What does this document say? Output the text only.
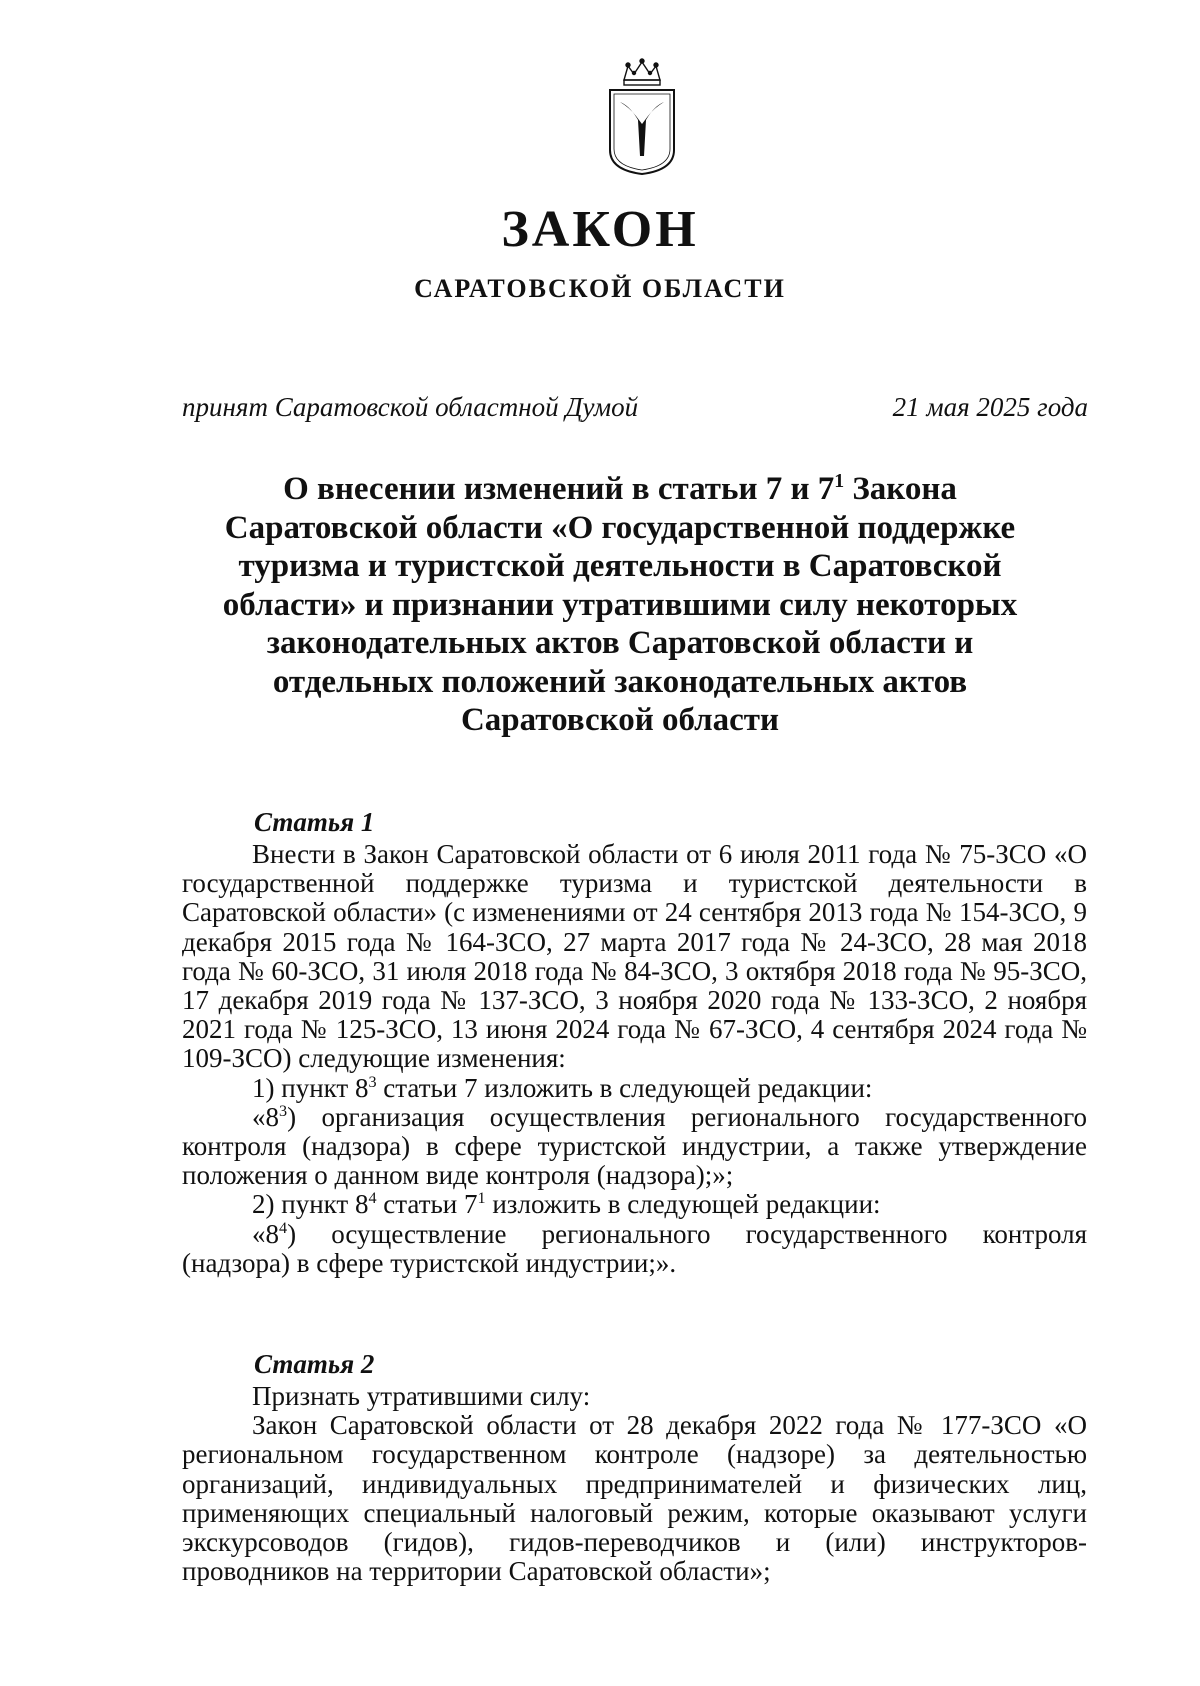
ЗАКОН
САРАТОВСКОЙ ОБЛАСТИ
принят Саратовской областной Думой	21 мая 2025 года
О внесении изменений в статьи 7 и $7^1$ Закона
Саратовской области «О государственной поддержке
туризма и туристской деятельности в Саратовской
области» и признании утратившими силу некоторых
законодательных актов Саратовской области и
отдельных положений законодательных актов
Саратовской области
Статья 1

Внести в Закон Саратовской области от 6 июля 2011 года № 75-ЗСО «О государственной поддержке туризма и туристской деятельности в Саратовской области» (с изменениями от 24 сентября 2013 года № 154-ЗСО, 9 декабря 2015 года № 164-ЗСО, 27 марта 2017 года № 24-ЗСО, 28 мая 2018 года № 60-ЗСО, 31 июля 2018 года № 84-ЗСО, 3 октября 2018 года № 95-ЗСО, 17 декабря 2019 года № 137-ЗСО, 3 ноября 2020 года № 133-ЗСО, 2 ноября 2021 года № 125-ЗСО, 13 июня 2024 года № 67-ЗСО, 4 сентября 2024 года № 109-ЗСО) следующие изменения:

1) пункт $8^3$ статьи 7 изложить в следующей редакции:

«$8^3$) организация осуществления регионального государственного контроля (надзора) в сфере туристской индустрии, а также утверждение положения о данном виде контроля (надзора);»;

2) пункт $8^4$ статьи $7^1$ изложить в следующей редакции:

«$8^4$) осуществление регионального государственного контроля (надзора) в сфере туристской индустрии;».

Статья 2

Признать утратившими силу:

Закон Саратовской области от 28 декабря 2022 года № 177-ЗСО «О региональном государственном контроле (надзоре) за деятельностью организаций, индивидуальных предпринимателей и физических лиц, применяющих специальный налоговый режим, которые оказывают услуги экскурсоводов (гидов), гидов-переводчиков и (или) инструкторов-проводников на территории Саратовской области»;
